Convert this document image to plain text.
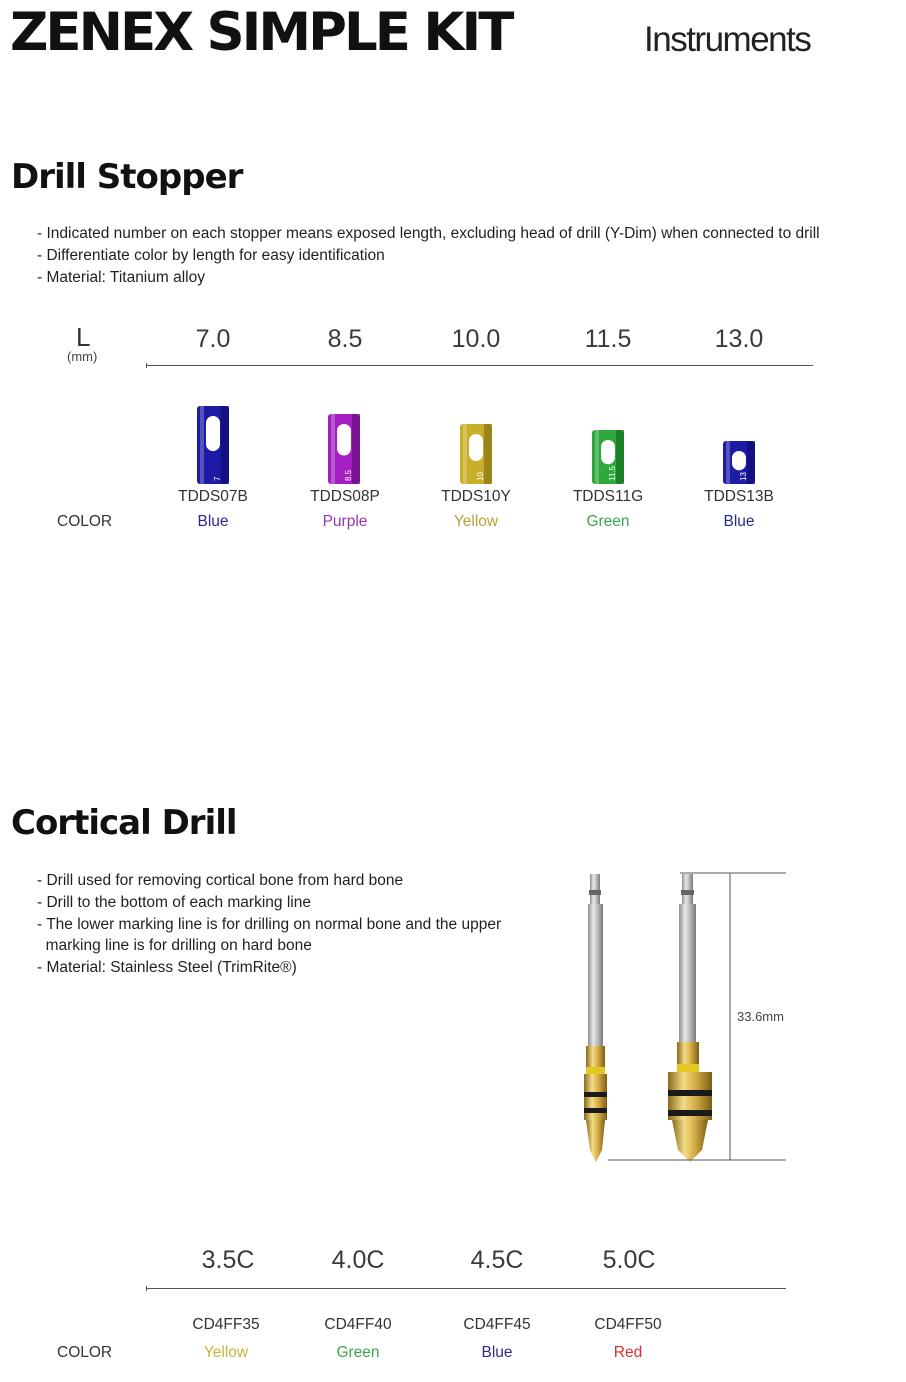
ZENEX SIMPLE KIT	Instruments
Drill Stopper
- Indicated number on each stopper means exposed length, excluding head of drill (Y-Dim) when connected to drill
- Differentiate color by length for easy identification
- Material: Titanium alloy
L
(mm)
7.0	8.5	10.0	11.5	13.0
7	8.5	10	11.5	13
TDDS07B	TDDS08P	TDDS10Y	TDDS11G	TDDS13B
COLOR	Blue	Purple	Yellow	Green	Blue
Cortical Drill
- Drill used for removing cortical bone from hard bone
- Drill to the bottom of each marking line
- The lower marking line is for drilling on normal bone and the upper
marking line is for drilling on hard bone
- Material: Stainless Steel (TrimRite®)
33.6mm
3.5C	4.0C	4.5C	5.0C
CD4FF35	CD4FF40	CD4FF45	CD4FF50
COLOR	Yellow	Green	Blue	Red
